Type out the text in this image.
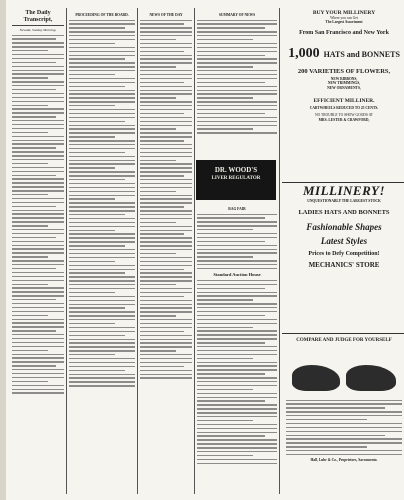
The Daily Transcript,
Nevada, Sunday Morning.
PROCEEDING OF THE BOARD.	NEWS OF THE DAY	SUMMARY OF NEWS
DR. WOOD'S
LIVER REGULATOR
RAG FAIR
Standard Auction House
BUY YOUR MILLINERY
Where you can Get
The Largest Assortment
From San Francisco and New York
1,000 HATS and BONNETS
200 VARIETIES OF FLOWERS,
NEW RIBBONS,
NEW TRIMMINGS,
NEW ORNAMENTS,
EFFICIENT MILLINER.
CARTWHEELS REDUCED TO 25 CENTS.
NO TROUBLE TO SHOW GOODS AT
MRS. LESTER & CRAWFORD,
MILLINERY!
UNQUESTIONABLY THE LARGEST STOCK
LADIES HATS AND BONNETS
Fashionable Shapes
Latest Styles
Prices to Defy Competition!
MECHANICS' STORE
COMPARE AND JUDGE FOR YOURSELF
Hall, Luhr & Co., Proprietors, Sacramento.
